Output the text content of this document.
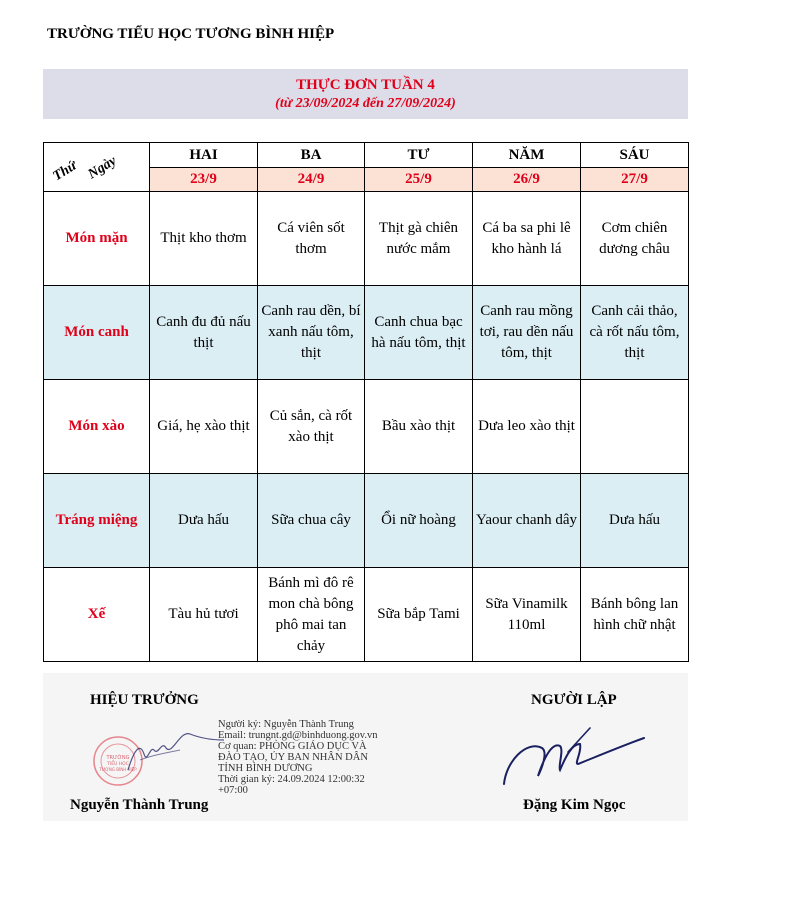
TRƯỜNG TIỂU HỌC TƯƠNG BÌNH HIỆP
THỰC ĐƠN TUẦN 4
(từ 23/09/2024 đến 27/09/2024)
Thứ Ngày	HAI	BA	TƯ	NĂM	SÁU
	23/9	24/9	25/9	26/9	27/9
Món mặn	Thịt kho thơm	Cá viên sốt thơm	Thịt gà chiên nước mắm	Cá ba sa phi lê kho hành lá	Cơm chiên dương châu
Món canh	Canh đu đủ nấu thịt	Canh rau dền, bí xanh nấu tôm, thịt	Canh chua bạc hà nấu tôm, thịt	Canh rau mồng tơi, rau dền nấu tôm, thịt	Canh cải thảo, cà rốt nấu tôm, thịt
Món xào	Giá, hẹ xào thịt	Củ sắn, cà rốt xào thịt	Bầu xào thịt	Dưa leo xào thịt	
Tráng miệng	Dưa hấu	Sữa chua cây	Ổi nữ hoàng	Yaour chanh dây	Dưa hấu
Xế	Tàu hủ tươi	Bánh mì đô rê mon chà bông phô mai tan chảy	Sữa bắp Tami	Sữa Vinamilk 110ml	Bánh bông lan hình chữ nhật
HIỆU TRƯỞNG	NGƯỜI LẬP
TRƯỜNG
TIỂU HỌC
TƯƠNG BÌNH HIỆP
Người ký: Nguyễn Thành Trung
Email: trungnt.gd@binhduong.gov.vn
Cơ quan: PHÒNG GIÁO DỤC VÀ
ĐÀO TẠO, ỦY BAN NHÂN DÂN
TỈNH BÌNH DƯƠNG
Thời gian ký: 24.09.2024 12:00:32
+07:00
Nguyễn Thành Trung	Đặng Kim Ngọc
